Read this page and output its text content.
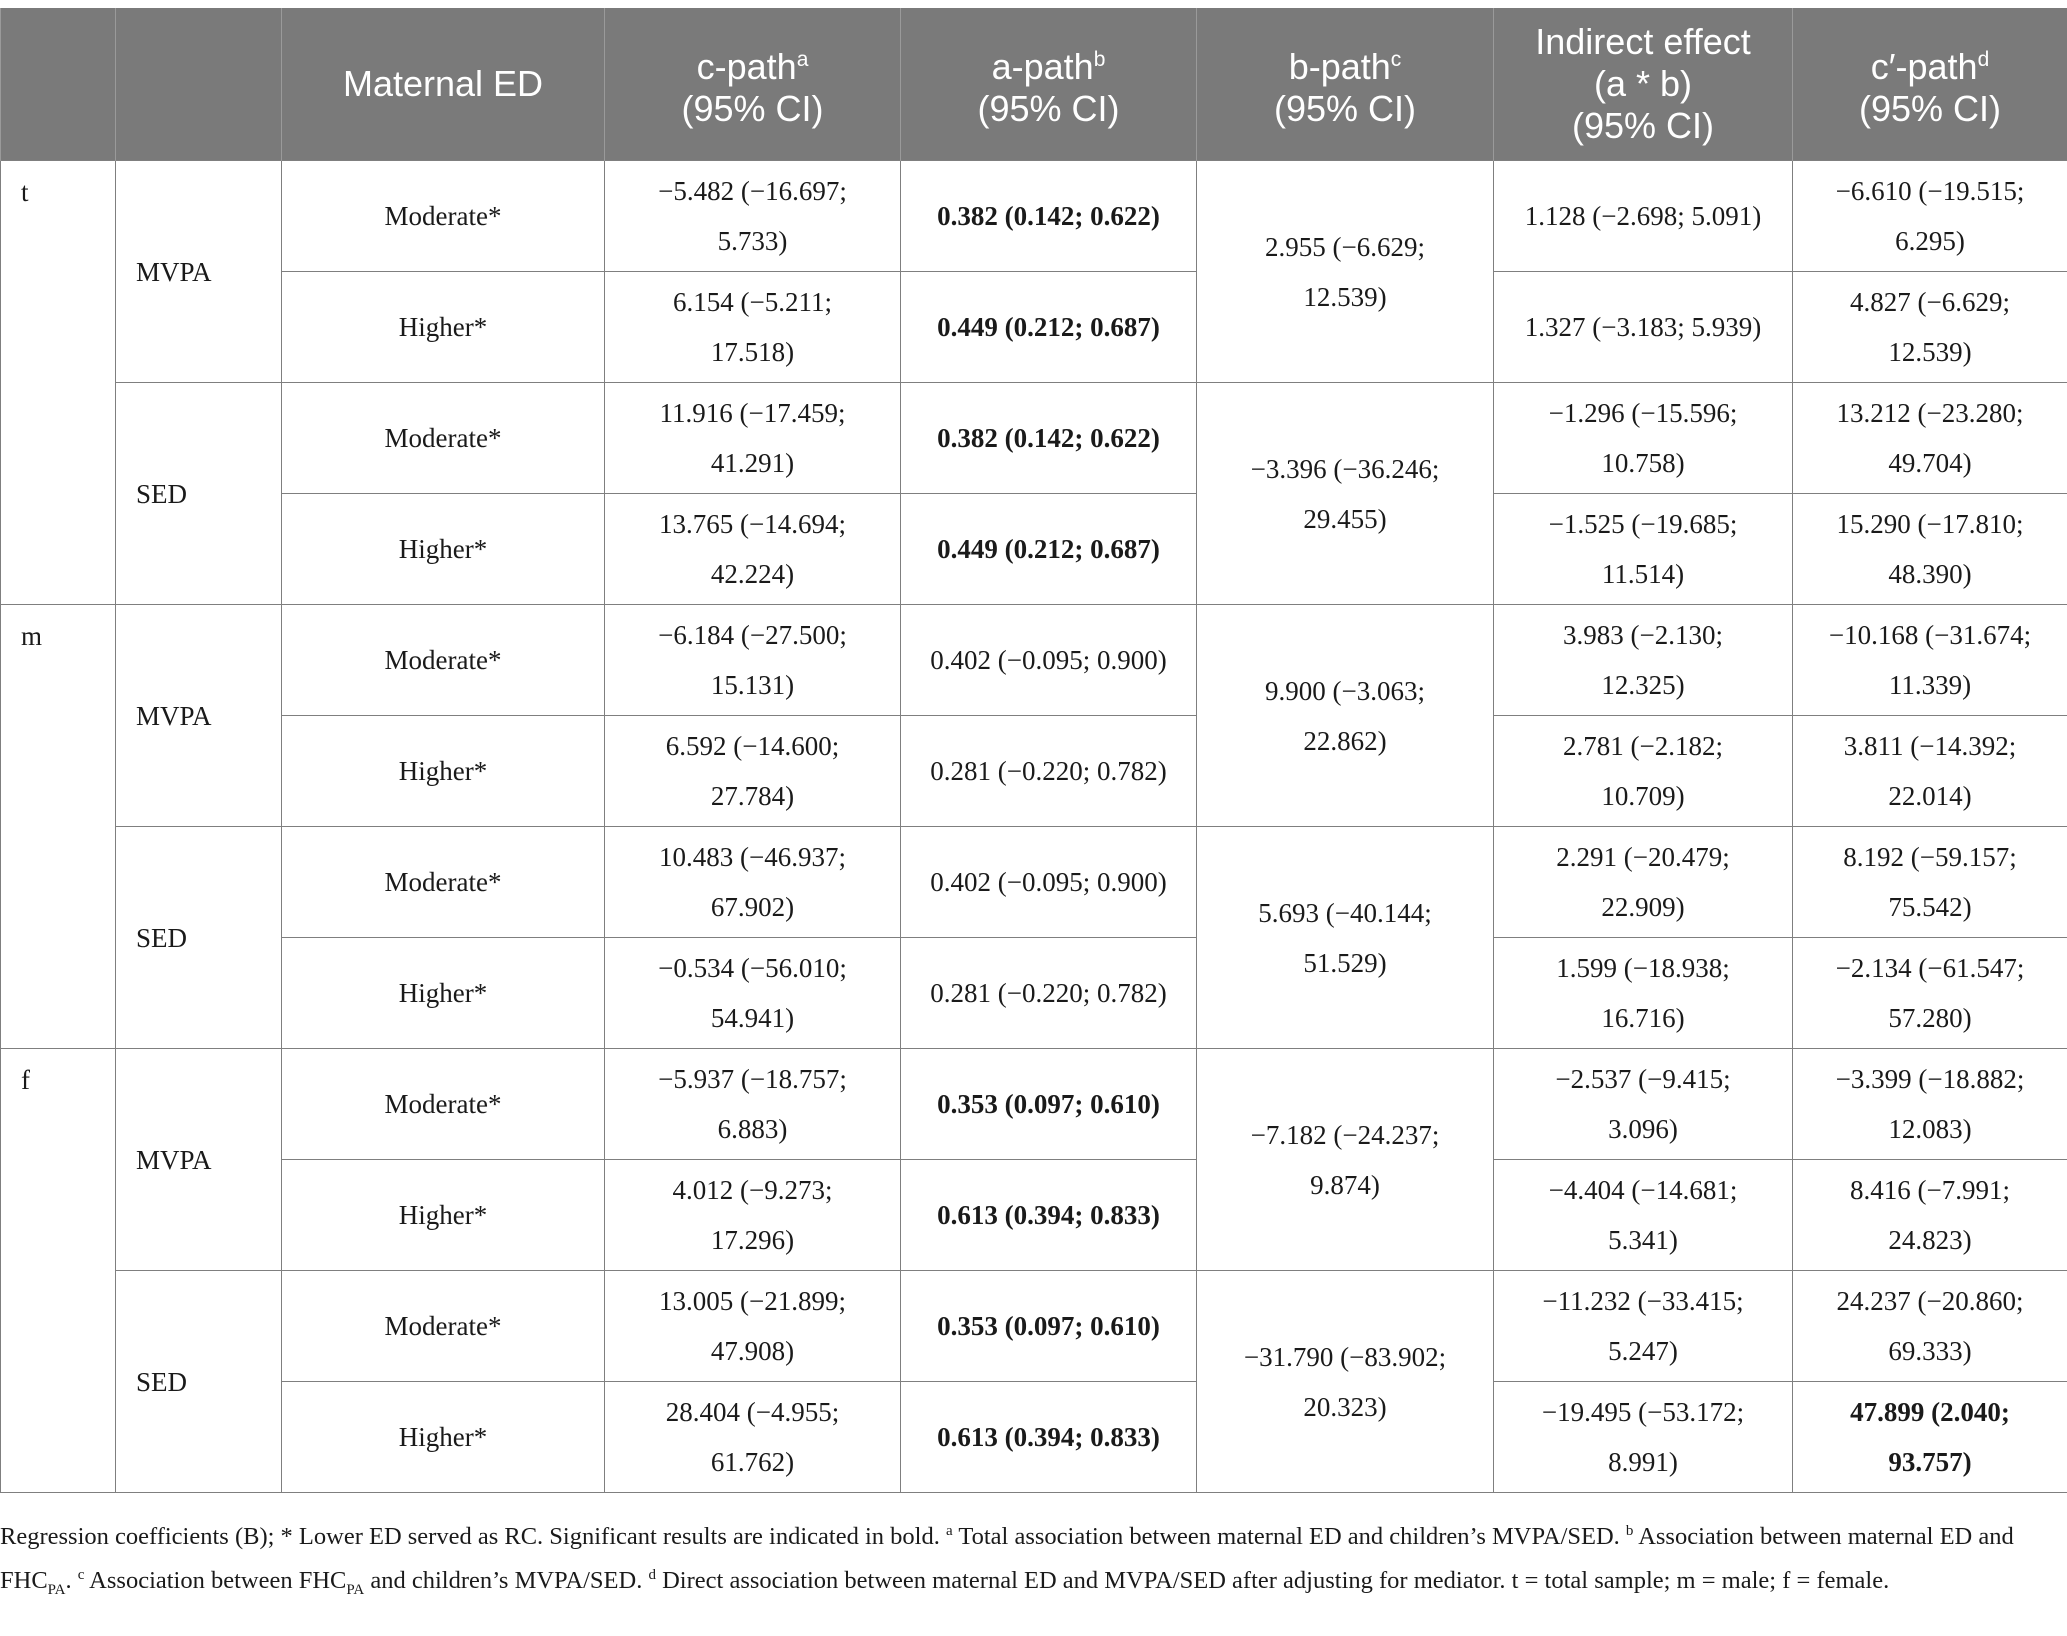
		Maternal ED	c-path$^a$
(95% CI)	a-path$^b$
(95% CI)	b-path$^c$
(95% CI)	Indirect effect
(a * b)
(95% CI)	c′-path$^d$
(95% CI)
t	MVPA	Moderate*	−5.482 (−16.697;
5.733)	0.382 (0.142; 0.622)	2.955 (−6.629;
12.539)	1.128 (−2.698; 5.091)	−6.610 (−19.515;
6.295)
		Higher*	6.154 (−5.211;
17.518)	0.449 (0.212; 0.687)		1.327 (−3.183; 5.939)	4.827 (−6.629;
12.539)
	SED	Moderate*	11.916 (−17.459;
41.291)	0.382 (0.142; 0.622)	−3.396 (−36.246;
29.455)	−1.296 (−15.596;
10.758)	13.212 (−23.280;
49.704)
		Higher*	13.765 (−14.694;
42.224)	0.449 (0.212; 0.687)		−1.525 (−19.685;
11.514)	15.290 (−17.810;
48.390)
m	MVPA	Moderate*	−6.184 (−27.500;
15.131)	0.402 (−0.095; 0.900)	9.900 (−3.063;
22.862)	3.983 (−2.130;
12.325)	−10.168 (−31.674;
11.339)
		Higher*	6.592 (−14.600;
27.784)	0.281 (−0.220; 0.782)		2.781 (−2.182;
10.709)	3.811 (−14.392;
22.014)
	SED	Moderate*	10.483 (−46.937;
67.902)	0.402 (−0.095; 0.900)	5.693 (−40.144;
51.529)	2.291 (−20.479;
22.909)	8.192 (−59.157;
75.542)
		Higher*	−0.534 (−56.010;
54.941)	0.281 (−0.220; 0.782)		1.599 (−18.938;
16.716)	−2.134 (−61.547;
57.280)
f	MVPA	Moderate*	−5.937 (−18.757;
6.883)	0.353 (0.097; 0.610)	−7.182 (−24.237;
9.874)	−2.537 (−9.415;
3.096)	−3.399 (−18.882;
12.083)
		Higher*	4.012 (−9.273;
17.296)	0.613 (0.394; 0.833)		−4.404 (−14.681;
5.341)	8.416 (−7.991;
24.823)
	SED	Moderate*	13.005 (−21.899;
47.908)	0.353 (0.097; 0.610)	−31.790 (−83.902;
20.323)	−11.232 (−33.415;
5.247)	24.237 (−20.860;
69.333)
		Higher*	28.404 (−4.955;
61.762)	0.613 (0.394; 0.833)		−19.495 (−53.172;
8.991)	47.899 (2.040;
93.757)
Regression coefficients (B); * Lower ED served as RC. Significant results are indicated in bold. $^a$ Total association between maternal ED and children’s MVPA/SED. $^b$ Association between maternal ED and $FHC_{PA}$. $^c$ Association between $FHC_{PA}$ and children’s MVPA/SED. $^d$ Direct association between maternal ED and MVPA/SED after adjusting for mediator. t = total sample; m = male; f = female.
